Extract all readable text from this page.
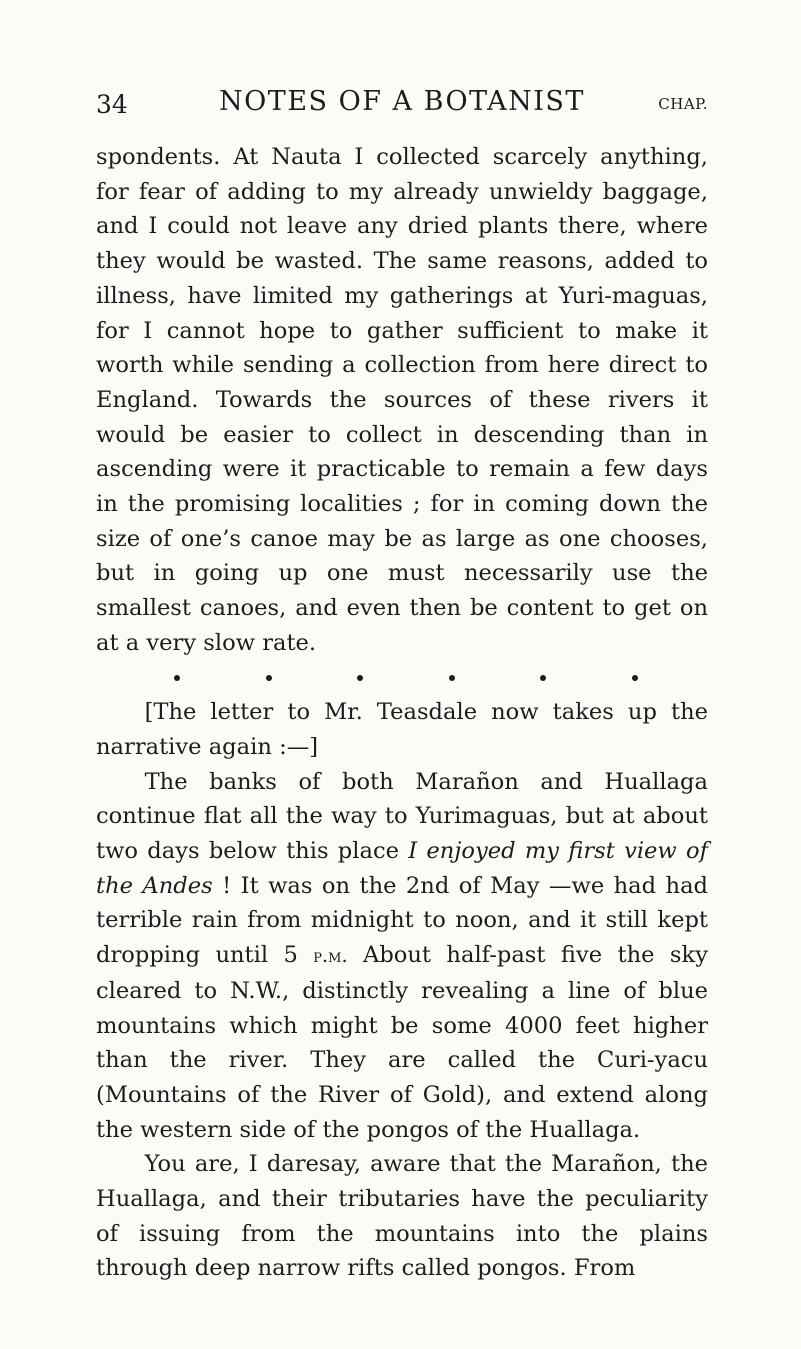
34	NOTES OF A BOTANIST	CHAP.

spondents. At Nauta I collected scarcely anything, for fear of adding to my already unwieldy baggage, and I could not leave any dried plants there, where they would be wasted. The same reasons, added to illness, have limited my gatherings at Yuri-maguas, for I cannot hope to gather sufficient to make it worth while sending a collection from here direct to England. Towards the sources of these rivers it would be easier to collect in descending than in ascending were it practicable to remain a few days in the promising localities ; for in coming down the size of one’s canoe may be as large as one chooses, but in going up one must necessarily use the smallest canoes, and even then be content to get on at a very slow rate.

[The letter to Mr. Teasdale now takes up the narrative again :—]

The banks of both Marañon and Huallaga continue flat all the way to Yurimaguas, but at about two days below this place I enjoyed my first view of the Andes ! It was on the 2nd of May —we had had terrible rain from midnight to noon, and it still kept dropping until 5 p.m. About half-past five the sky cleared to N.W., distinctly revealing a line of blue mountains which might be some 4000 feet higher than the river. They are called the Curi-yacu (Mountains of the River of Gold), and extend along the western side of the pongos of the Huallaga.

You are, I daresay, aware that the Marañon, the Huallaga, and their tributaries have the peculiarity of issuing from the mountains into the plains through deep narrow rifts called pongos. From
